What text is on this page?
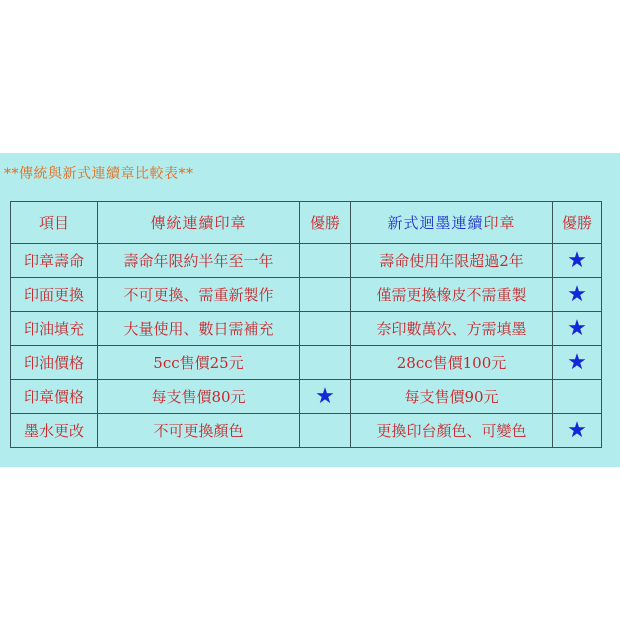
**傳統與新式連續章比較表**
項目	傳統連續印章	優勝	新式迴墨連續印章	優勝
印章壽命	壽命年限約半年至一年		壽命使用年限超過2年	★
印面更換	不可更換、需重新製作		僅需更換橡皮不需重製	★
印油填充	大量使用、數日需補充		奈印數萬次、方需填墨	★
印油價格	5cc售價25元		28cc售價100元	★
印章價格	每支售價80元	★	每支售價90元	
墨水更改	不可更換顏色		更換印台顏色、可變色	★
